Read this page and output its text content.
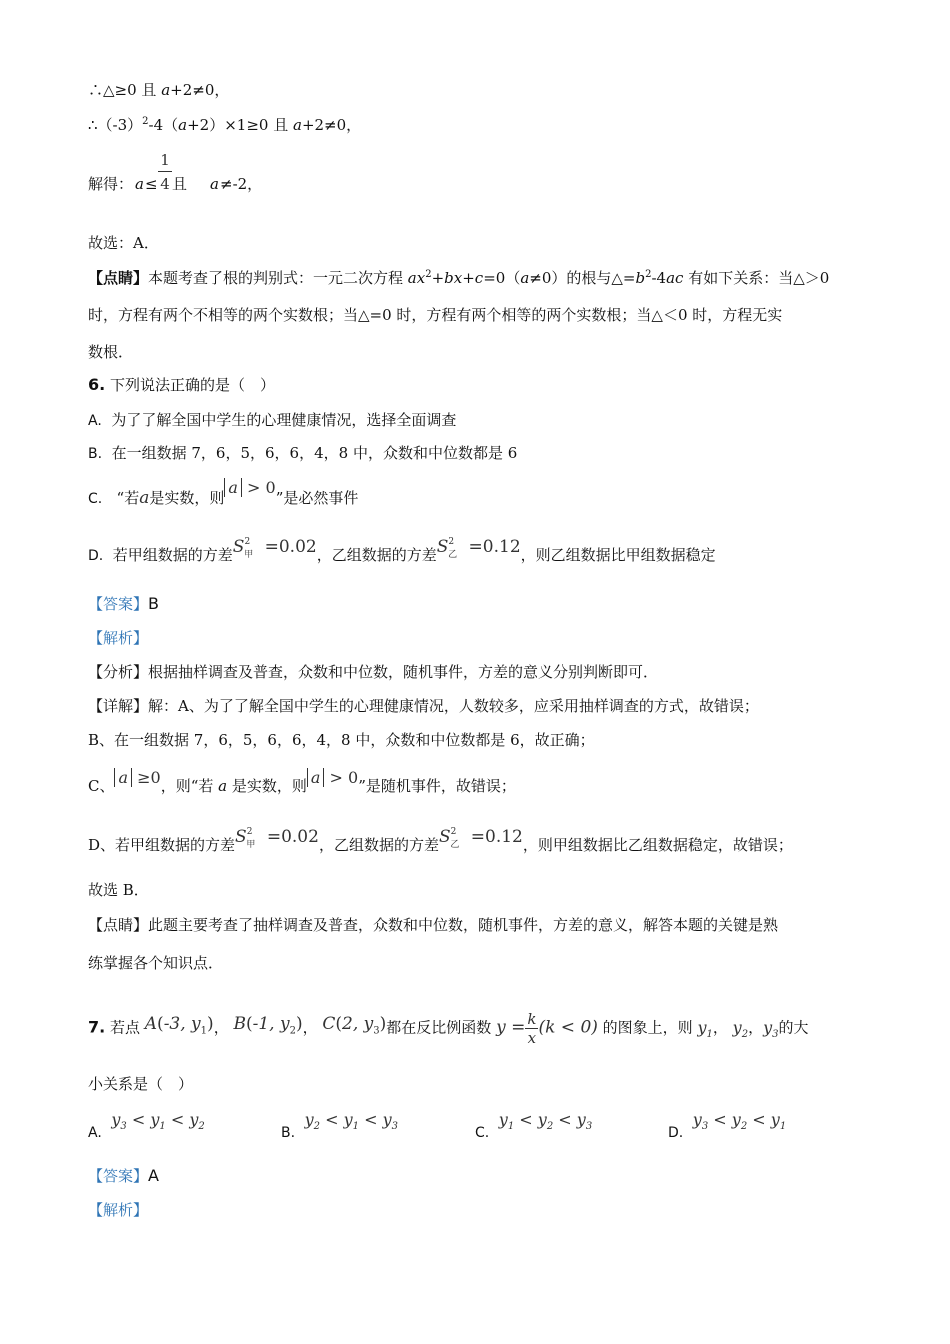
∴△≥0 且 a+2≠0，
$\therefore(-3)^2-4(a+2)\times 1\ge 0$ 且 a+2≠0，
解得： a ≤
1
4 且 a ≠-2，
故选：A．
【点睛】本题考查了根的判别式：一元二次方程 $ax^2+bx+c=0(a\ne 0)$的根与$\triangle=b^2-4ac$ 有如下关系：当△＞0
时，方程有两个不相等的两个实数根；当△=0 时，方程有两个相等的两个实数根；当△＜0 时，方程无实
数根．
6. 下列说法正确的是（　）
A. 为了了解全国中学生的心理健康情况，选择全面调查
B. 在一组数据 7，6，5，6，6，4，8 中，众数和中位数都是 6
C. “若a是实数，则a > 0”是必然事件
D. 若甲组数据的方差$S^2_甲 =0.02$，乙组数据的方差$S^2_乙 =0.12$，则乙组数据比甲组数据稳定
【答案】B
【解析】
【分析】根据抽样调查及普查，众数和中位数，随机事件，方差的意义分别判断即可．
【详解】解：A、为了了解全国中学生的心理健康情况，人数较多，应采用抽样调查的方式，故错误；
B、在一组数据 7，6，5，6，6，4，8 中，众数和中位数都是 6，故正确；
C、 a ≥0，则“若 a 是实数，则 a > 0”是随机事件，故错误；
D、若甲组数据的方差$S^2_甲 =0.02$，乙组数据的方差$S^2_乙 =0.12$，则甲组数据比乙组数据稳定，故错误；
故选 B．
【点睛】此题主要考查了抽样调查及普查，众数和中位数，随机事件，方差的意义，解答本题的关键是熟
练掌握各个知识点．
7. 若点 A(-3, $y_1$)， B(-1, $y_2$)， C(2, $y_3$)都在反比例函数 $y = \frac{k}{x} (k < 0)$ 的图象上，则 $y_1$， $y_2$，$y_3$的大
小关系是（　）
A.  $y_3 < y_1 < y_2$	B.  $y_2 < y_1 < y_3$	C.  $y_1 < y_2 < y_3$	D.  $y_3 < y_2 < y_1$
【答案】A
【解析】
